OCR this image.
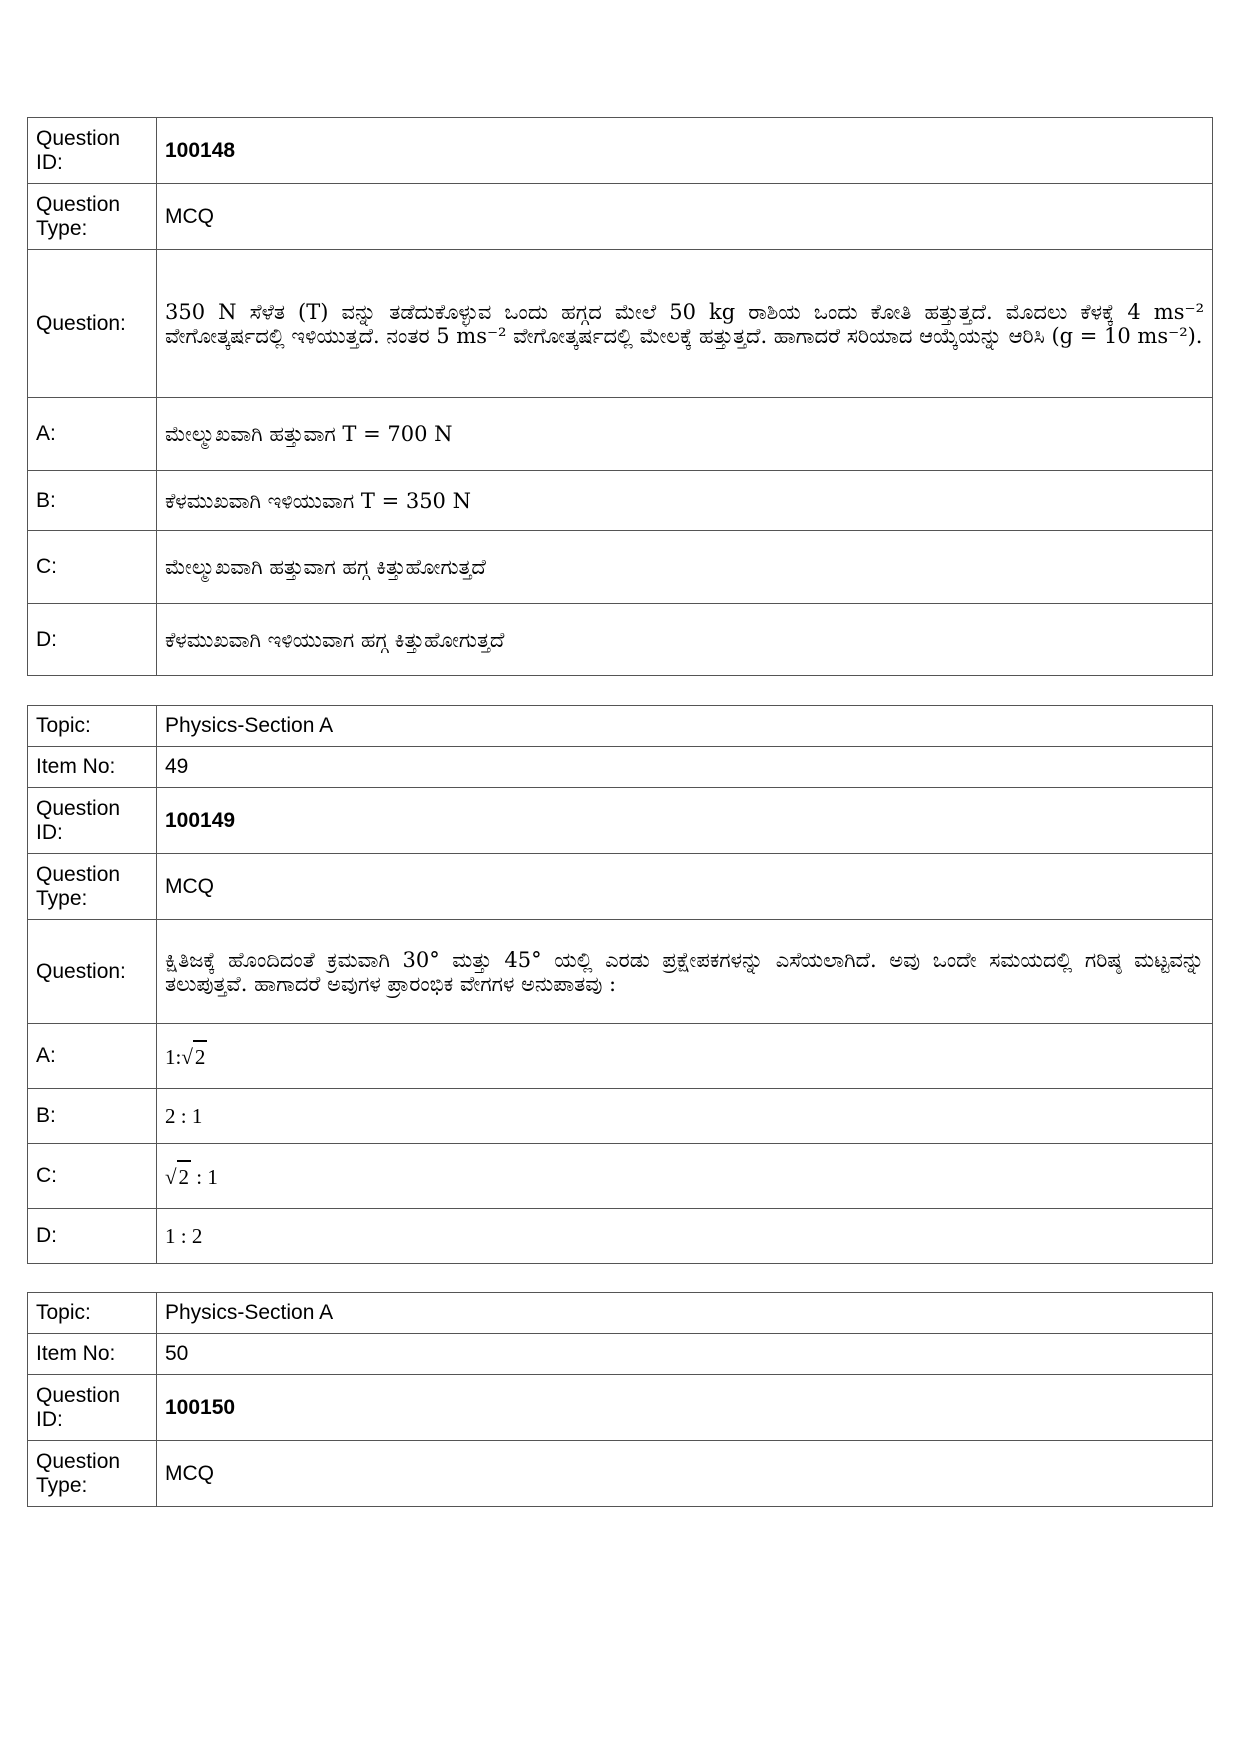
Question ID:	100148
Question Type:	MCQ
Question:	350 N ಸೆಳೆತ (T) ವನ್ನು ತಡೆದುಕೊಳ್ಳುವ ಒಂದು ಹಗ್ಗದ ಮೇಲೆ 50 kg ರಾಶಿಯ ಒಂದು ಕೋತಿ ಹತ್ತುತ್ತದೆ. ಮೊದಲು ಕೆಳಕ್ಕೆ 4 ms⁻² ವೇಗೋತ್ಕರ್ಷದಲ್ಲಿ ಇಳಿಯುತ್ತದೆ. ನಂತರ 5 ms⁻² ವೇಗೋತ್ಕರ್ಷದಲ್ಲಿ ಮೇಲಕ್ಕೆ ಹತ್ತುತ್ತದೆ. ಹಾಗಾದರೆ ಸರಿಯಾದ ಆಯ್ಕೆಯನ್ನು ಆರಿಸಿ (g = 10 ms⁻²).
A:	ಮೇಲ್ಮುಖವಾಗಿ ಹತ್ತುವಾಗ T = 700 N
B:	ಕೆಳಮುಖವಾಗಿ ಇಳಿಯುವಾಗ T = 350 N
C:	ಮೇಲ್ಮುಖವಾಗಿ ಹತ್ತುವಾಗ ಹಗ್ಗ ಕಿತ್ತುಹೋಗುತ್ತದೆ
D:	ಕೆಳಮುಖವಾಗಿ ಇಳಿಯುವಾಗ ಹಗ್ಗ ಕಿತ್ತುಹೋಗುತ್ತದೆ
Topic:	Physics-Section A
Item No:	49
Question ID:	100149
Question Type:	MCQ
Question:	ಕ್ಷಿತಿಜಕ್ಕೆ ಹೊಂದಿದಂತೆ ಕ್ರಮವಾಗಿ 30° ಮತ್ತು 45° ಯಲ್ಲಿ ಎರಡು ಪ್ರಕ್ಷೇಪಕಗಳನ್ನು ಎಸೆಯಲಾಗಿದೆ. ಅವು ಒಂದೇ ಸಮಯದಲ್ಲಿ ಗರಿಷ್ಠ ಮಟ್ಟವನ್ನು ತಲುಪುತ್ತವೆ. ಹಾಗಾದರೆ ಅವುಗಳ ಪ್ರಾರಂಭಿಕ ವೇಗಗಳ ಅನುಪಾತವು :
A:	1:√2
B:	2 : 1
C:	√2 : 1
D:	1 : 2
Topic:	Physics-Section A
Item No:	50
Question ID:	100150
Question Type:	MCQ
